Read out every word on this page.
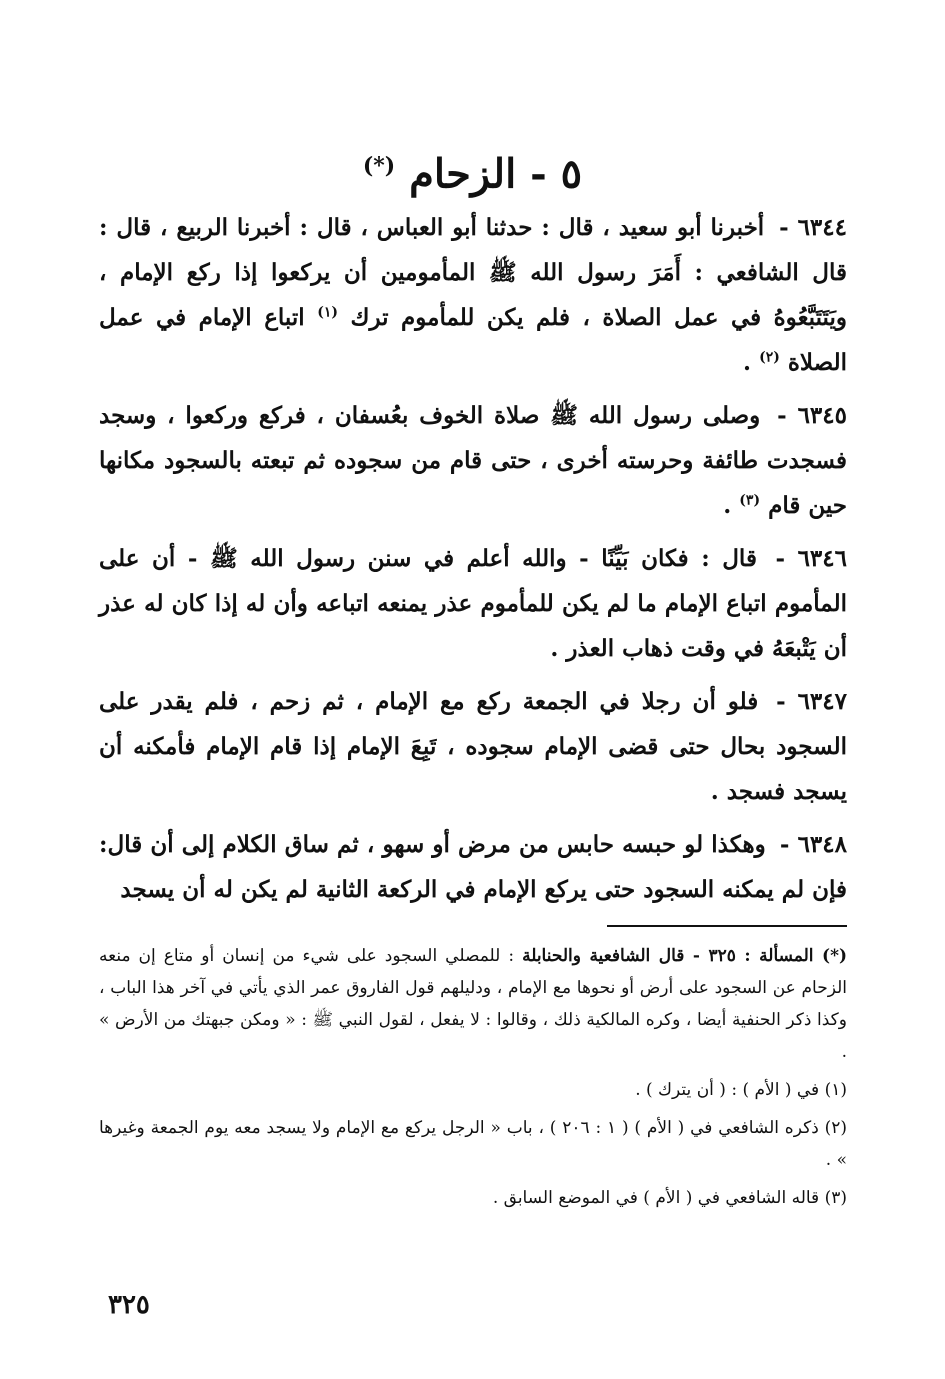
٥ - الزحام (*)

٦٣٤٤ - أخبرنا أبو سعيد ، قال : حدثنا أبو العباس ، قال : أخبرنا الربيع ، قال : قال الشافعي : أَمَرَ رسول الله ﷺ المأمومين أن يركعوا إذا ركع الإمام ، ويَتَتَبَّعُوهُ في عمل الصلاة ، فلم يكن للمأموم ترك $^{(١)}$ اتباع الإمام في عمل الصلاة $^{(٢)}$ .

٦٣٤٥ - وصلى رسول الله ﷺ صلاة الخوف بعُسفان ، فركع وركعوا ، وسجد فسجدت طائفة وحرسته أخرى ، حتى قام من سجوده ثم تبعته بالسجود مكانها حين قام $^{(٣)}$ .

٦٣٤٦ - قال : فكان بَيِّنًا - والله أعلم في سنن رسول الله ﷺ - أن على المأموم اتباع الإمام ما لم يكن للمأموم عذر يمنعه اتباعه وأن له إذا كان له عذر أن يَتْبعَهُ في وقت ذهاب العذر .

٦٣٤٧ - فلو أن رجلا في الجمعة ركع مع الإمام ، ثم زحم ، فلم يقدر على السجود بحال حتى قضى الإمام سجوده ، تَبِعَ الإمام إذا قام الإمام فأمكنه أن يسجد فسجد .

٦٣٤٨ - وهكذا لو حبسه حابس من مرض أو سهو ، ثم ساق الكلام إلى أن قال: فإن لم يمكنه السجود حتى يركع الإمام في الركعة الثانية لم يكن له أن يسجد

(*) المسألة : ٣٢٥ - قال الشافعية والحنابلة : للمصلي السجود على شيء من إنسان أو متاع إن منعه الزحام عن السجود على أرض أو نحوها مع الإمام ، ودليلهم قول الفاروق عمر الذي يأتي في آخر هذا الباب ، وكذا ذكر الحنفية أيضا ، وكره المالكية ذلك ، وقالوا : لا يفعل ، لقول النبي ﷺ : « ومكن جبهتك من الأرض » .

(١) في ( الأم ) : ( أن يترك ) .

(٢) ذكره الشافعي في ( الأم ) ( ١ : ٢٠٦ ) ، باب « الرجل يركع مع الإمام ولا يسجد معه يوم الجمعة وغيرها » .

(٣) قاله الشافعي في ( الأم ) في الموضع السابق .

٣٢٥
